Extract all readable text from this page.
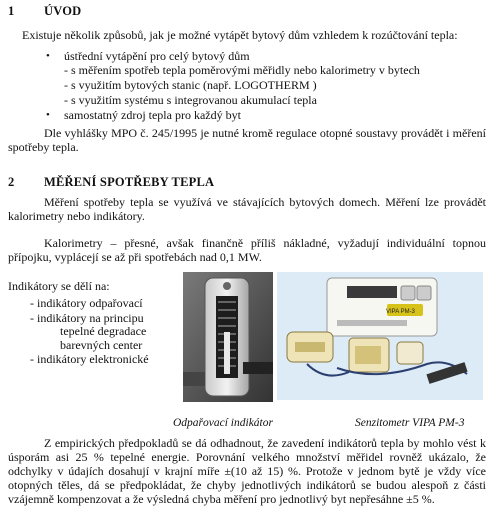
1	ÚVOD
Existuje několik způsobů, jak je možné vytápět bytový dům vzhledem k rozúčtování tepla:
• ústřední vytápění pro celý bytový dům
- s měřením spotřeb tepla poměrovými měřidly nebo kalorimetry v bytech
- s využitím bytových stanic (např. LOGOTHERM )
- s využitím systému s integrovanou akumulací tepla
• samostatný zdroj tepla pro každý byt
Dle vyhlášky MPO č. 245/1995 je nutné kromě regulace otopné soustavy provádět i měření spotřeby tepla.
2	MĚŘENÍ SPOTŘEBY TEPLA
Měření spotřeby tepla se využívá ve stávajících bytových domech. Měření lze provádět kalorimetry nebo indikátory.
Kalorimetry – přesné, avšak finančně příliš nákladné, vyžadují individuální topnou přípojku, vyplácejí se až při spotřebách nad 0,1 MW.
Indikátory se dělí na:
- indikátory odpařovací
- indikátory na principu
tepelné degradace
barevných center
- indikátory elektronické
VIPA PM-3
Odpařovací indikátor	Senzitometr VIPA PM-3
Z empirických předpokladů se dá odhadnout, že zavedení indikátorů tepla by mohlo vést k úsporám asi 25 % tepelné energie. Porovnání velkého množství měřidel rovněž ukázalo, že odchylky v údajích dosahují v krajní míře ±(10 až 15) %. Protože v jednom bytě je vždy více otopných těles, dá se předpokládat, že chyby jednotlivých indikátorů se budou alespoň z části vzájemně kompenzovat a že výsledná chyba měření pro jednotlivý byt nepřesáhne ±5 %.
